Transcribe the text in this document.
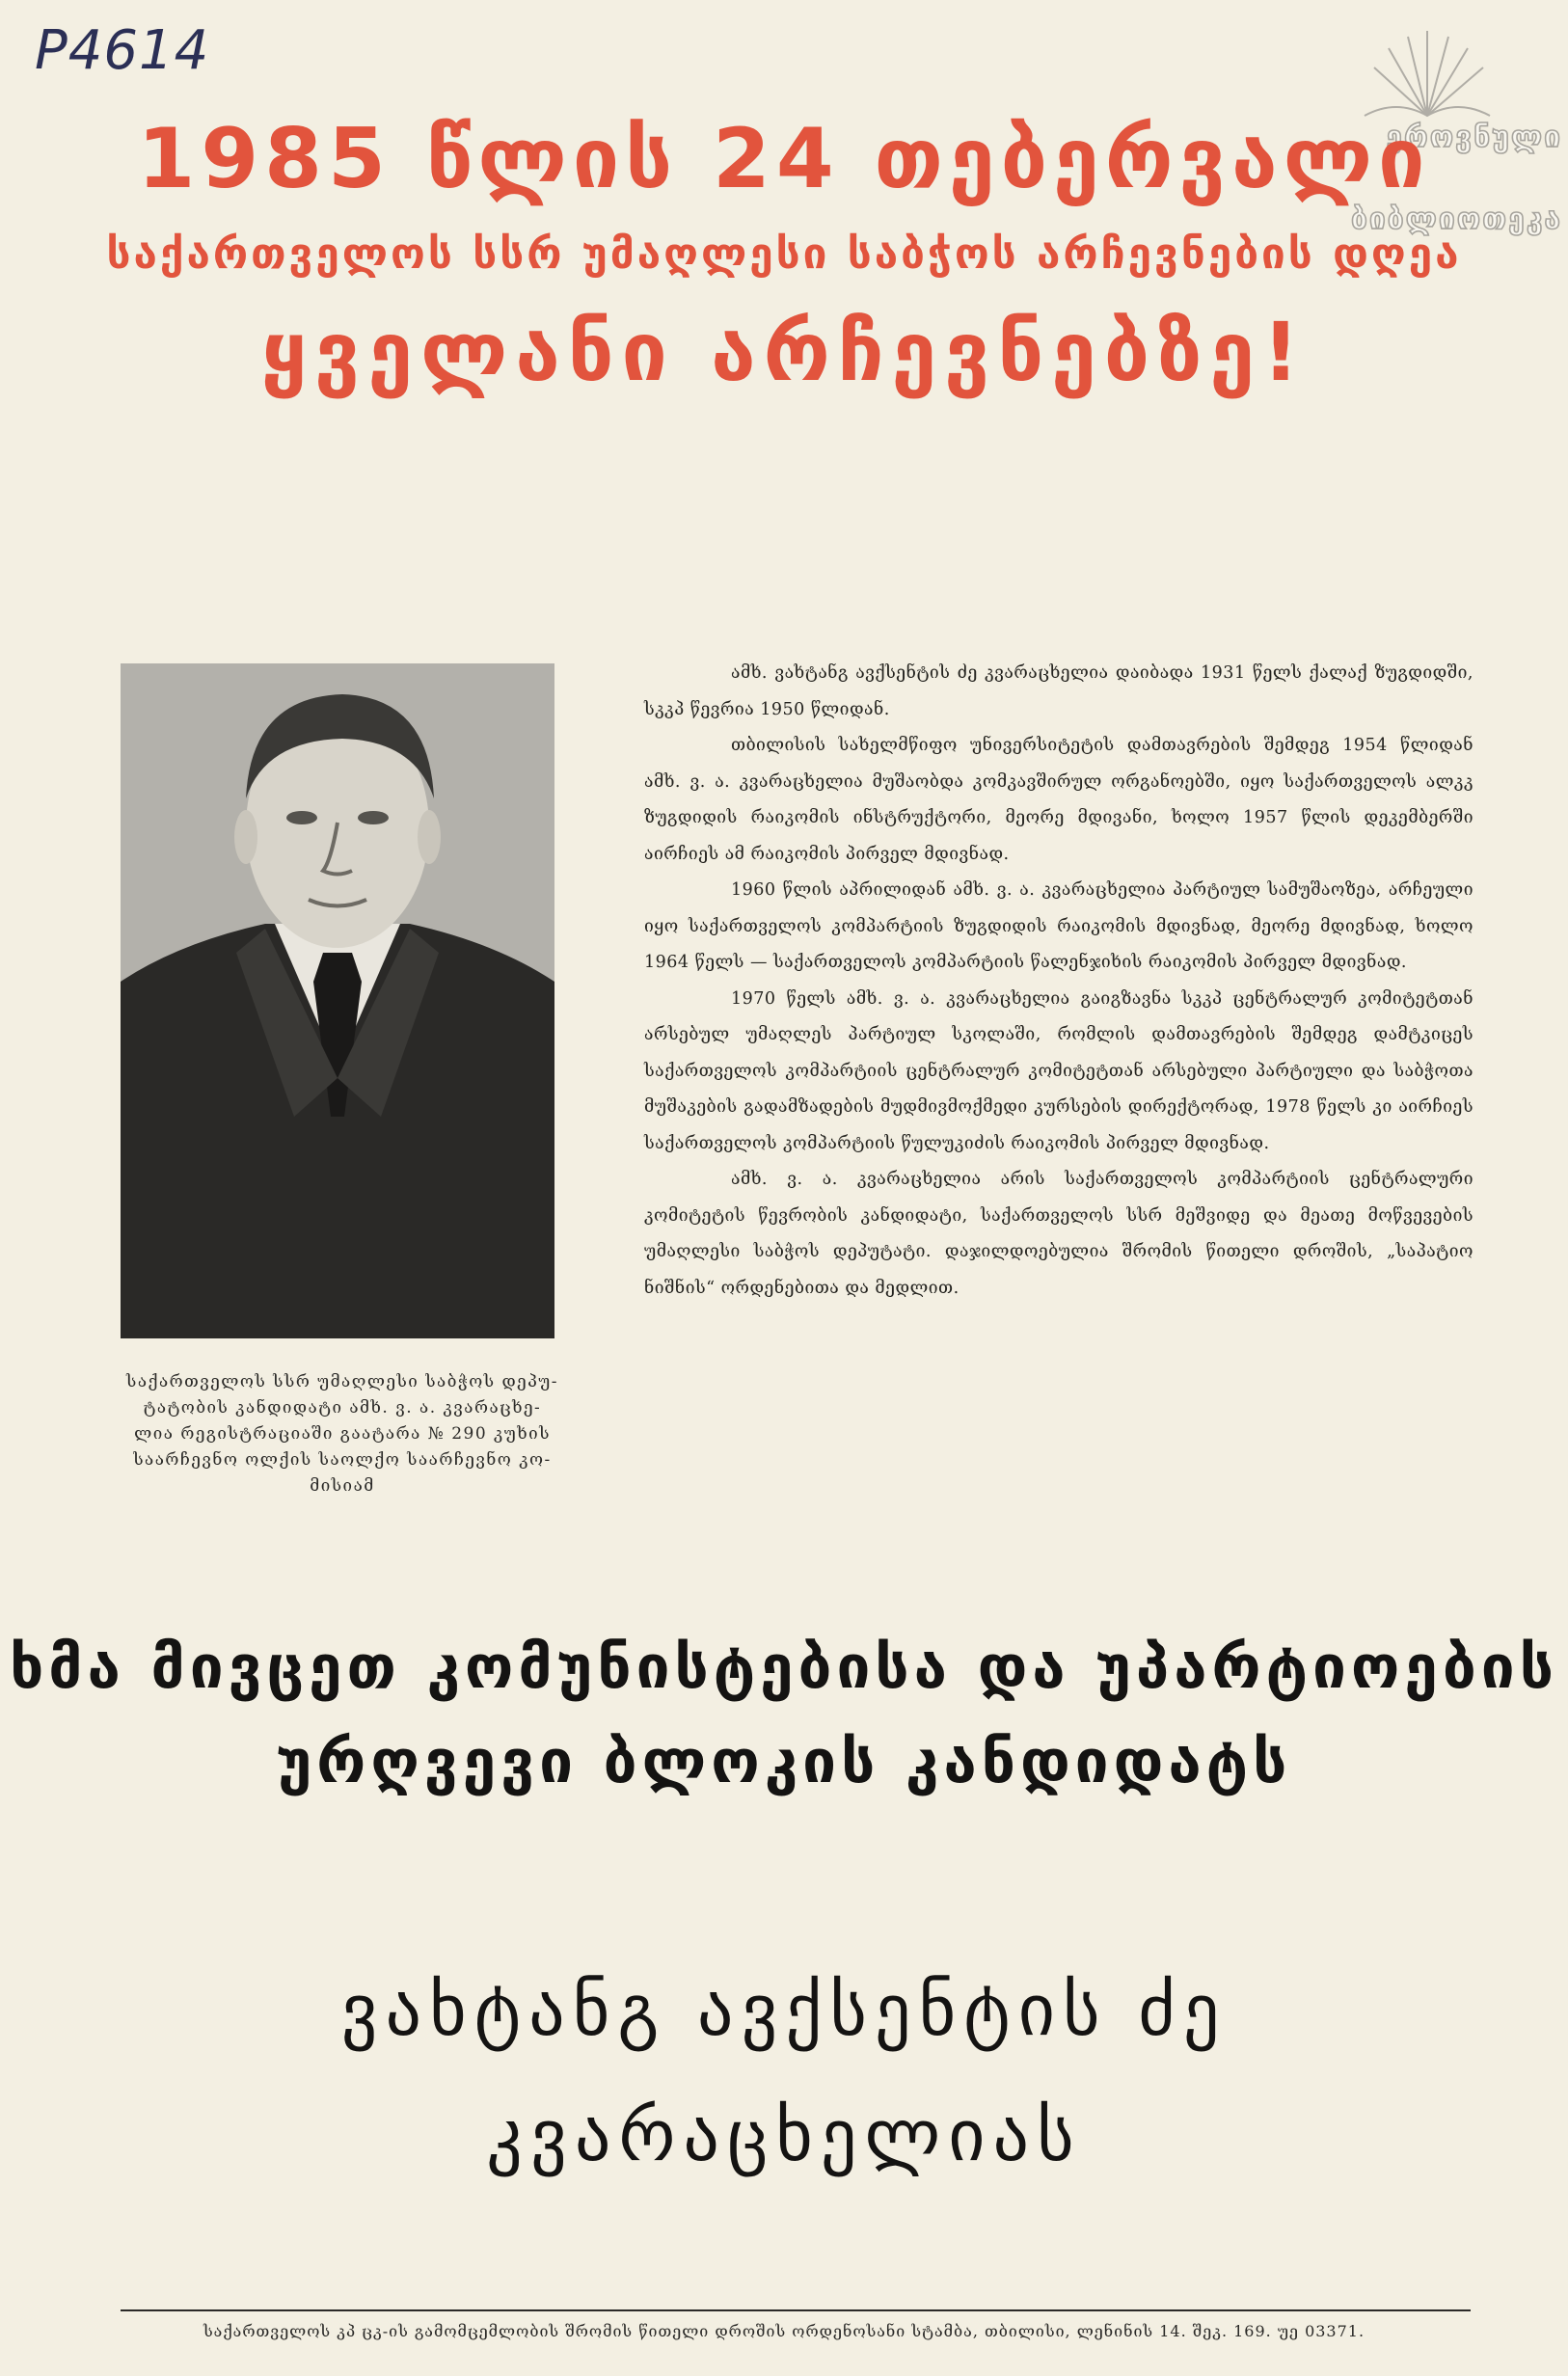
P4614
ეროვნული
ბიბლიოთეკა
1985 წლის 24 თებერვალი
საქართველოს სსრ უმაღლესი საბჭოს არჩევნების დღეა
ყველანი არჩევნებზე!
საქართველოს სსრ უმაღლესი საბჭოს დეპუ-
ტატობის კანდიდატი ამხ. ვ. ა. კვარაცხე-
ლია რეგისტრაციაში გაატარა № 290 კუხის
საარჩევნო ოლქის საოლქო საარჩევნო კო-
მისიამ

ამხ. ვახტანგ ავქსენტის ძე კვარაცხელია დაიბადა 1931 წელს ქალაქ ზუგდიდში, სკკპ წევრია 1950 წლიდან.

თბილისის სახელმწიფო უნივერსიტეტის დამთავრების შემდეგ 1954 წლიდან ამხ. ვ. ა. კვარაცხელია მუშაობდა კომკავშირულ ორგანოებში, იყო საქართველოს ალკკ ზუგდიდის რაიკომის ინსტრუქტორი, მეორე მდივანი, ხოლო 1957 წლის დეკემბერში აირჩიეს ამ რაიკომის პირველ მდივნად.

1960 წლის აპრილიდან ამხ. ვ. ა. კვარაცხელია პარტიულ სამუშაოზეა, არჩეული იყო საქართველოს კომპარტიის ზუგდიდის რაიკომის მდივნად, მეორე მდივნად, ხოლო 1964 წელს — საქართველოს კომპარტიის წალენჯიხის რაიკომის პირველ მდივნად.

1970 წელს ამხ. ვ. ა. კვარაცხელია გაიგზავნა სკკპ ცენტრალურ კომიტეტთან არსებულ უმაღლეს პარტიულ სკოლაში, რომლის დამთავრების შემდეგ დამტკიცეს საქართველოს კომპარტიის ცენტრალურ კომიტეტთან არსებული პარტიული და საბჭოთა მუშაკების გადამზადების მუდმივმოქმედი კურსების დირექტორად, 1978 წელს კი აირჩიეს საქართველოს კომპარტიის წულუკიძის რაიკომის პირველ მდივნად.

ამხ. ვ. ა. კვარაცხელია არის საქართველოს კომპარტიის ცენტრალური კომიტეტის წევრობის კანდიდატი, საქართველოს სსრ მეშვიდე და მეათე მოწვევების უმაღლესი საბჭოს დეპუტატი. დაჯილდოებულია შრომის წითელი დროშის, „საპატიო ნიშნის“ ორდენებითა და მედლით.

ხმა მივცეთ კომუნისტებისა და უპარტიოების
ურღვევი ბლოკის კანდიდატს
ვახტანგ ავქსენტის ძე
კვარაცხელიას
საქართველოს კპ ცკ-ის გამომცემლობის შრომის წითელი დროშის ორდენოსანი სტამბა, თბილისი, ლენინის 14. შეკ. 169. უე 03371.
